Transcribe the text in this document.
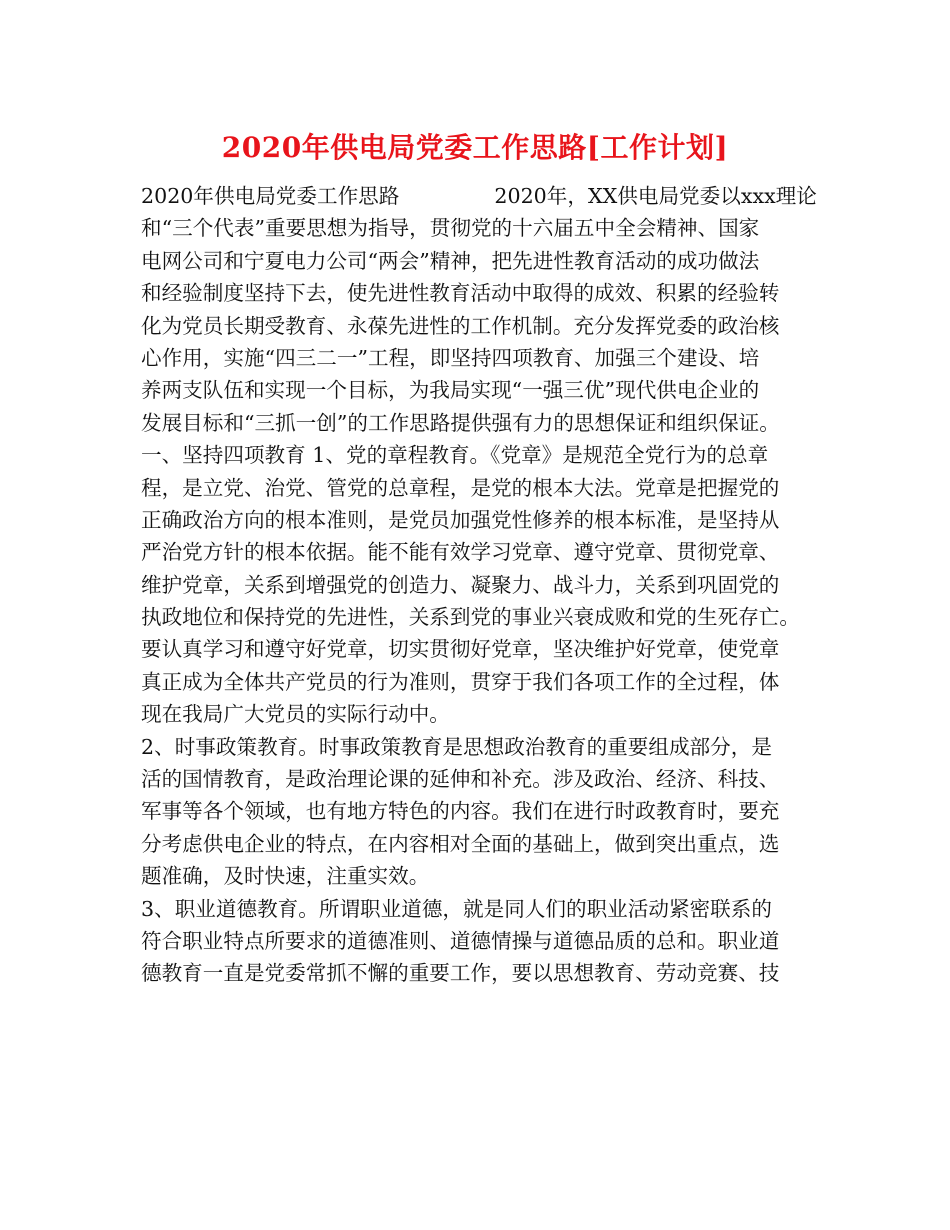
2020年供电局党委工作思路[工作计划]
2020年供电局党委工作思路	2020年，XX供电局党委以xxx理论
和“三个代表”重要思想为指导，贯彻党的十六届五中全会精神、国家
电网公司和宁夏电力公司“两会”精神，把先进性教育活动的成功做法
和经验制度坚持下去，使先进性教育活动中取得的成效、积累的经验转
化为党员长期受教育、永葆先进性的工作机制。充分发挥党委的政治核
心作用，实施“四三二一”工程，即坚持四项教育、加强三个建设、培
养两支队伍和实现一个目标，为我局实现“一强三优”现代供电企业的
发展目标和“三抓一创”的工作思路提供强有力的思想保证和组织保证。
一、坚持四项教育 1、党的章程教育。《党章》是规范全党行为的总章
程，是立党、治党、管党的总章程，是党的根本大法。党章是把握党的
正确政治方向的根本准则，是党员加强党性修养的根本标准，是坚持从
严治党方针的根本依据。能不能有效学习党章、遵守党章、贯彻党章、
维护党章，关系到增强党的创造力、凝聚力、战斗力，关系到巩固党的
执政地位和保持党的先进性，关系到党的事业兴衰成败和党的生死存亡。
要认真学习和遵守好党章，切实贯彻好党章，坚决维护好党章，使党章
真正成为全体共产党员的行为准则，贯穿于我们各项工作的全过程，体
现在我局广大党员的实际行动中。
2、时事政策教育。时事政策教育是思想政治教育的重要组成部分，是
活的国情教育，是政治理论课的延伸和补充。涉及政治、经济、科技、
军事等各个领域，也有地方特色的内容。我们在进行时政教育时，要充
分考虑供电企业的特点，在内容相对全面的基础上，做到突出重点，选
题准确，及时快速，注重实效。
3、职业道德教育。所谓职业道德，就是同人们的职业活动紧密联系的
符合职业特点所要求的道德准则、道德情操与道德品质的总和。职业道
德教育一直是党委常抓不懈的重要工作，要以思想教育、劳动竞赛、技
